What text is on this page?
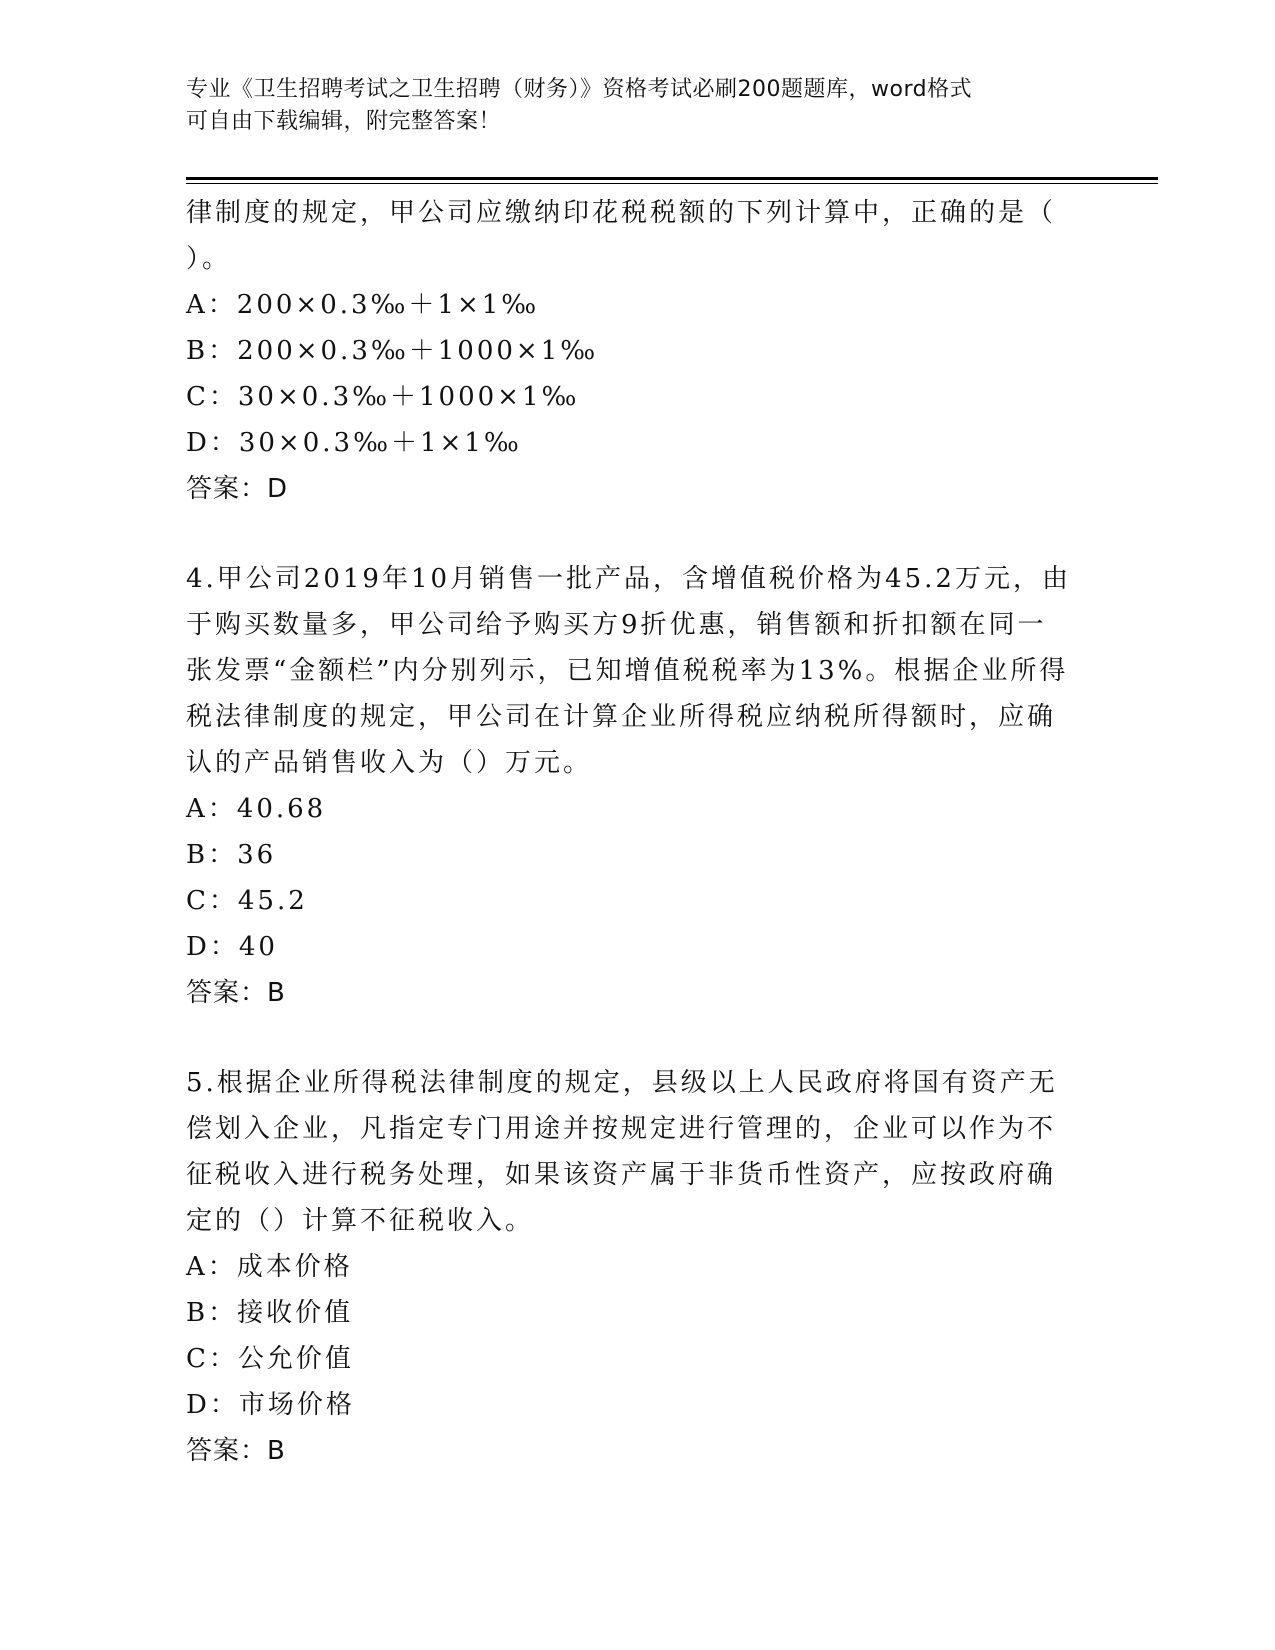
专业《卫生招聘考试之卫生招聘（财务）》资格考试必刷200题题库，word格式
可自由下载编辑，附完整答案！
律制度的规定，甲公司应缴纳印花税税额的下列计算中，正确的是（
）。
A：200×0.3‰＋1×1‰
B：200×0.3‰＋1000×1‰
C：30×0.3‰＋1000×1‰
D：30×0.3‰＋1×1‰
答案：D
4.甲公司2019年10月销售一批产品，含增值税价格为45.2万元，由
于购买数量多，甲公司给予购买方9折优惠，销售额和折扣额在同一
张发票“金额栏”内分别列示，已知增值税税率为13%。根据企业所得
税法律制度的规定，甲公司在计算企业所得税应纳税所得额时，应确
认的产品销售收入为（）万元。
A：40.68
B：36
C：45.2
D：40
答案：B
5.根据企业所得税法律制度的规定，县级以上人民政府将国有资产无
偿划入企业，凡指定专门用途并按规定进行管理的，企业可以作为不
征税收入进行税务处理，如果该资产属于非货币性资产，应按政府确
定的（）计算不征税收入。
A：成本价格
B：接收价值
C：公允价值
D：市场价格
答案：B
